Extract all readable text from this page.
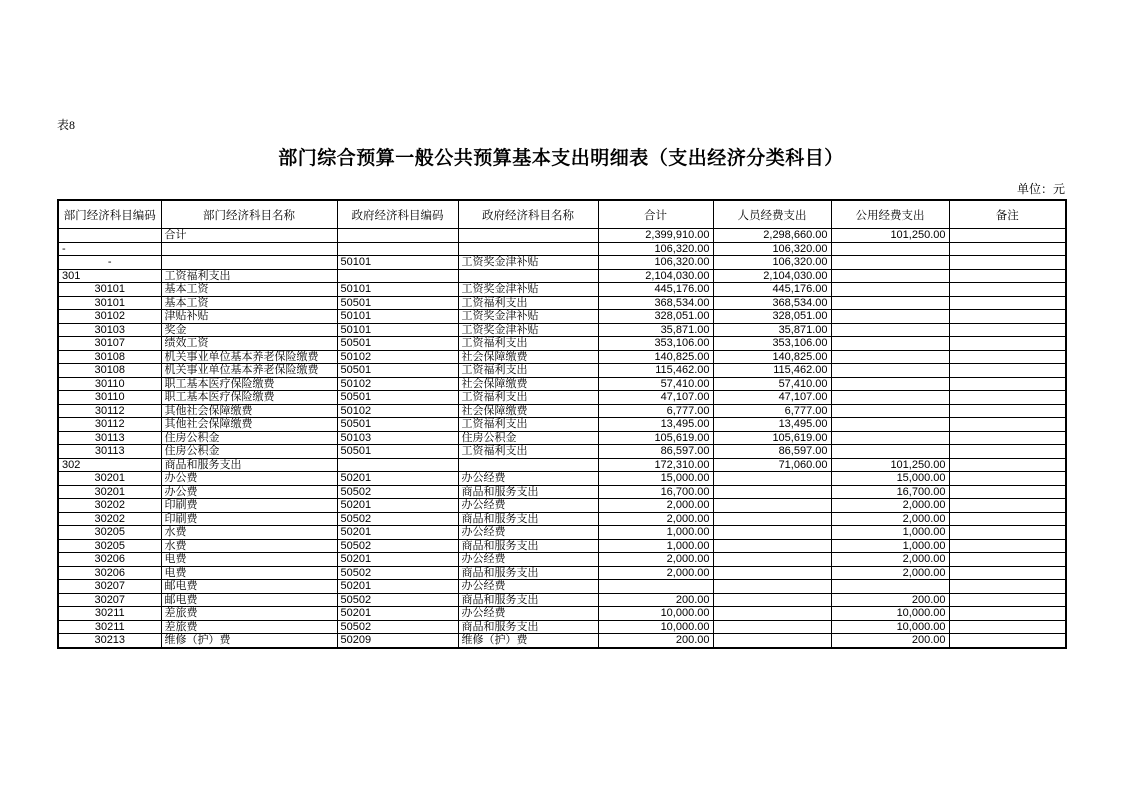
表8
部门综合预算一般公共预算基本支出明细表（支出经济分类科目）
单位：元
部门经济科目编码	部门经济科目名称	政府经济科目编码	政府经济科目名称	合计	人员经费支出	公用经费支出	备注
	合计			2,399,910.00	2,298,660.00	101,250.00	
-				106,320.00	106,320.00		
-		50101	工资奖金津补贴	106,320.00	106,320.00		
301	工资福利支出			2,104,030.00	2,104,030.00		
30101	基本工资	50101	工资奖金津补贴	445,176.00	445,176.00		
30101	基本工资	50501	工资福利支出	368,534.00	368,534.00		
30102	津贴补贴	50101	工资奖金津补贴	328,051.00	328,051.00		
30103	奖金	50101	工资奖金津补贴	35,871.00	35,871.00		
30107	绩效工资	50501	工资福利支出	353,106.00	353,106.00		
30108	机关事业单位基本养老保险缴费	50102	社会保障缴费	140,825.00	140,825.00		
30108	机关事业单位基本养老保险缴费	50501	工资福利支出	115,462.00	115,462.00		
30110	职工基本医疗保险缴费	50102	社会保障缴费	57,410.00	57,410.00		
30110	职工基本医疗保险缴费	50501	工资福利支出	47,107.00	47,107.00		
30112	其他社会保障缴费	50102	社会保障缴费	6,777.00	6,777.00		
30112	其他社会保障缴费	50501	工资福利支出	13,495.00	13,495.00		
30113	住房公积金	50103	住房公积金	105,619.00	105,619.00		
30113	住房公积金	50501	工资福利支出	86,597.00	86,597.00		
302	商品和服务支出			172,310.00	71,060.00	101,250.00	
30201	办公费	50201	办公经费	15,000.00		15,000.00	
30201	办公费	50502	商品和服务支出	16,700.00		16,700.00	
30202	印刷费	50201	办公经费	2,000.00		2,000.00	
30202	印刷费	50502	商品和服务支出	2,000.00		2,000.00	
30205	水费	50201	办公经费	1,000.00		1,000.00	
30205	水费	50502	商品和服务支出	1,000.00		1,000.00	
30206	电费	50201	办公经费	2,000.00		2,000.00	
30206	电费	50502	商品和服务支出	2,000.00		2,000.00	
30207	邮电费	50201	办公经费				
30207	邮电费	50502	商品和服务支出	200.00		200.00	
30211	差旅费	50201	办公经费	10,000.00		10,000.00	
30211	差旅费	50502	商品和服务支出	10,000.00		10,000.00	
30213	维修（护）费	50209	维修（护）费	200.00		200.00	
